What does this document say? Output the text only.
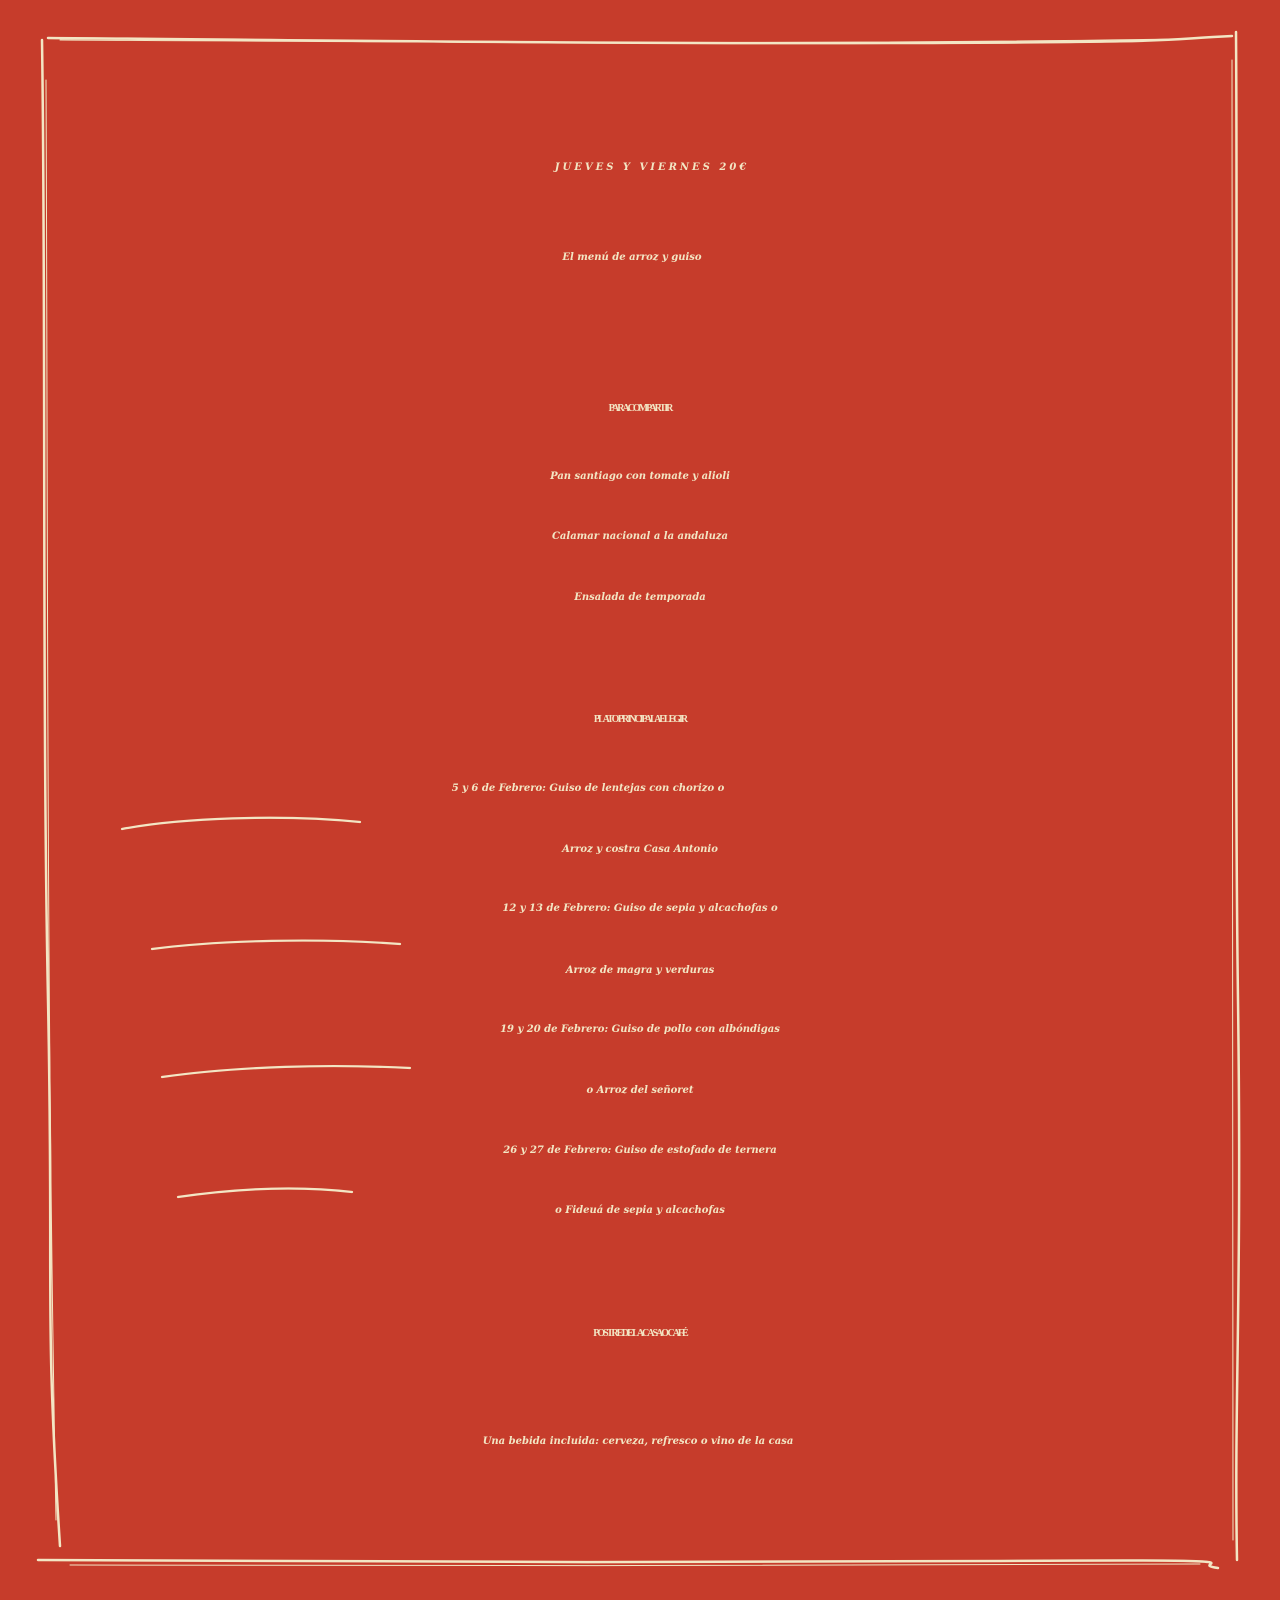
JUEVES Y VIERNES 20€

El menú de arroz y guiso

PARA COMPARTIR

Pan santiago con tomate y alioli

Calamar nacional a la andaluza

Ensalada de temporada

PLATO PRINCIPAL A ELEGIR

5 y 6 de Febrero: Guiso de lentejas con chorizo o

Arroz y costra Casa Antonio

12 y 13 de Febrero: Guiso de sepia y alcachofas o

Arroz de magra y verduras

19 y 20 de Febrero: Guiso de pollo con albóndigas

o Arroz del señoret

26 y 27 de Febrero: Guiso de estofado de ternera

o Fideuá de sepia y alcachofas

POSTRE DE LA CASA O CAFÉ

Una bebida incluida: cerveza, refresco o vino de la casa
